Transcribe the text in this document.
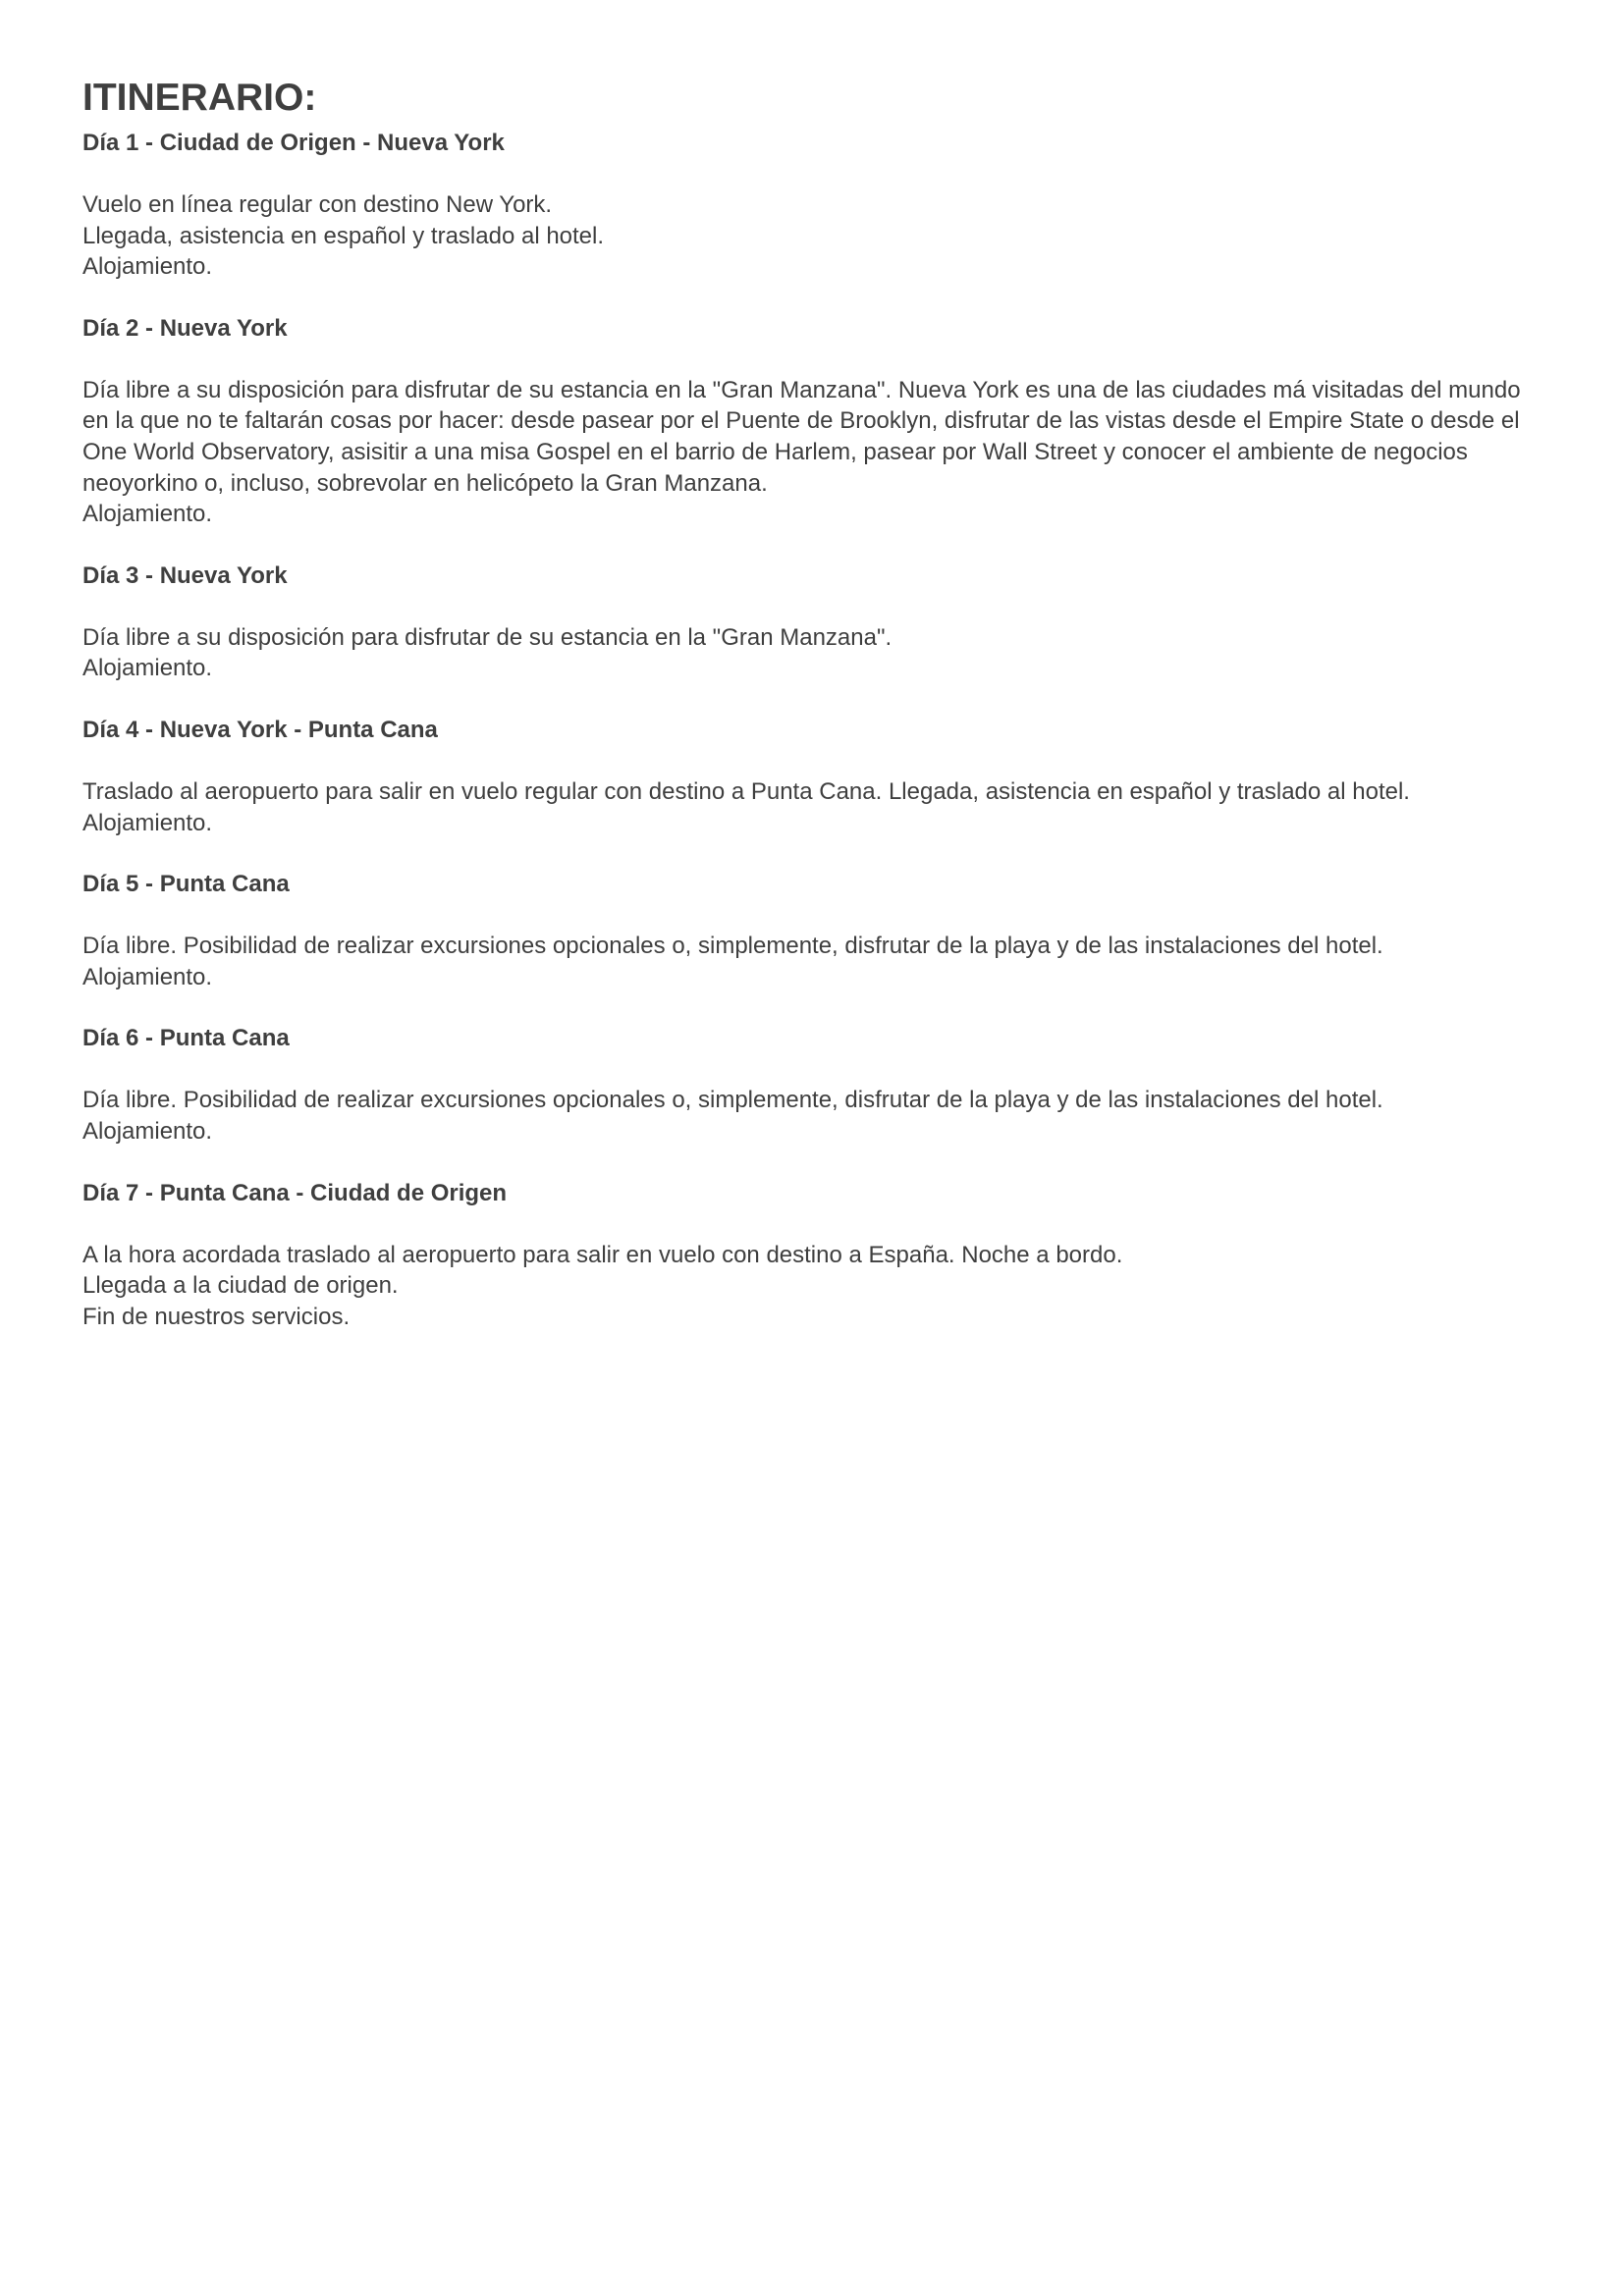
ITINERARIO:
Día 1 - Ciudad de Origen - Nueva York

Vuelo en línea regular con destino New York.

Llegada, asistencia en español y traslado al hotel.

Alojamiento.

Día 2 - Nueva York

Día libre a su disposición para disfrutar de su estancia en la "Gran Manzana". Nueva York es una de las ciudades má visitadas del mundo en la que no te faltarán cosas por hacer: desde pasear por el Puente de Brooklyn, disfrutar de las vistas desde el Empire State o desde el One World Observatory, asisitir a una misa Gospel en el barrio de Harlem, pasear por Wall Street y conocer el ambiente de negocios neoyorkino o, incluso, sobrevolar en helicópeto la Gran Manzana.

Alojamiento.

Día 3 - Nueva York

Día libre a su disposición para disfrutar de su estancia en la "Gran Manzana".

Alojamiento.

Día 4 - Nueva York - Punta Cana

Traslado al aeropuerto para salir en vuelo regular con destino a Punta Cana. Llegada, asistencia en español y traslado al hotel.

Alojamiento.

Día 5 - Punta Cana

Día libre. Posibilidad de realizar excursiones opcionales o, simplemente, disfrutar de la playa y de las instalaciones del hotel.

Alojamiento.

Día 6 - Punta Cana

Día libre. Posibilidad de realizar excursiones opcionales o, simplemente, disfrutar de la playa y de las instalaciones del hotel.

Alojamiento.

Día 7 - Punta Cana - Ciudad de Origen

A la hora acordada traslado al aeropuerto para salir en vuelo con destino a España. Noche a bordo.

Llegada a la ciudad de origen.

Fin de nuestros servicios.
